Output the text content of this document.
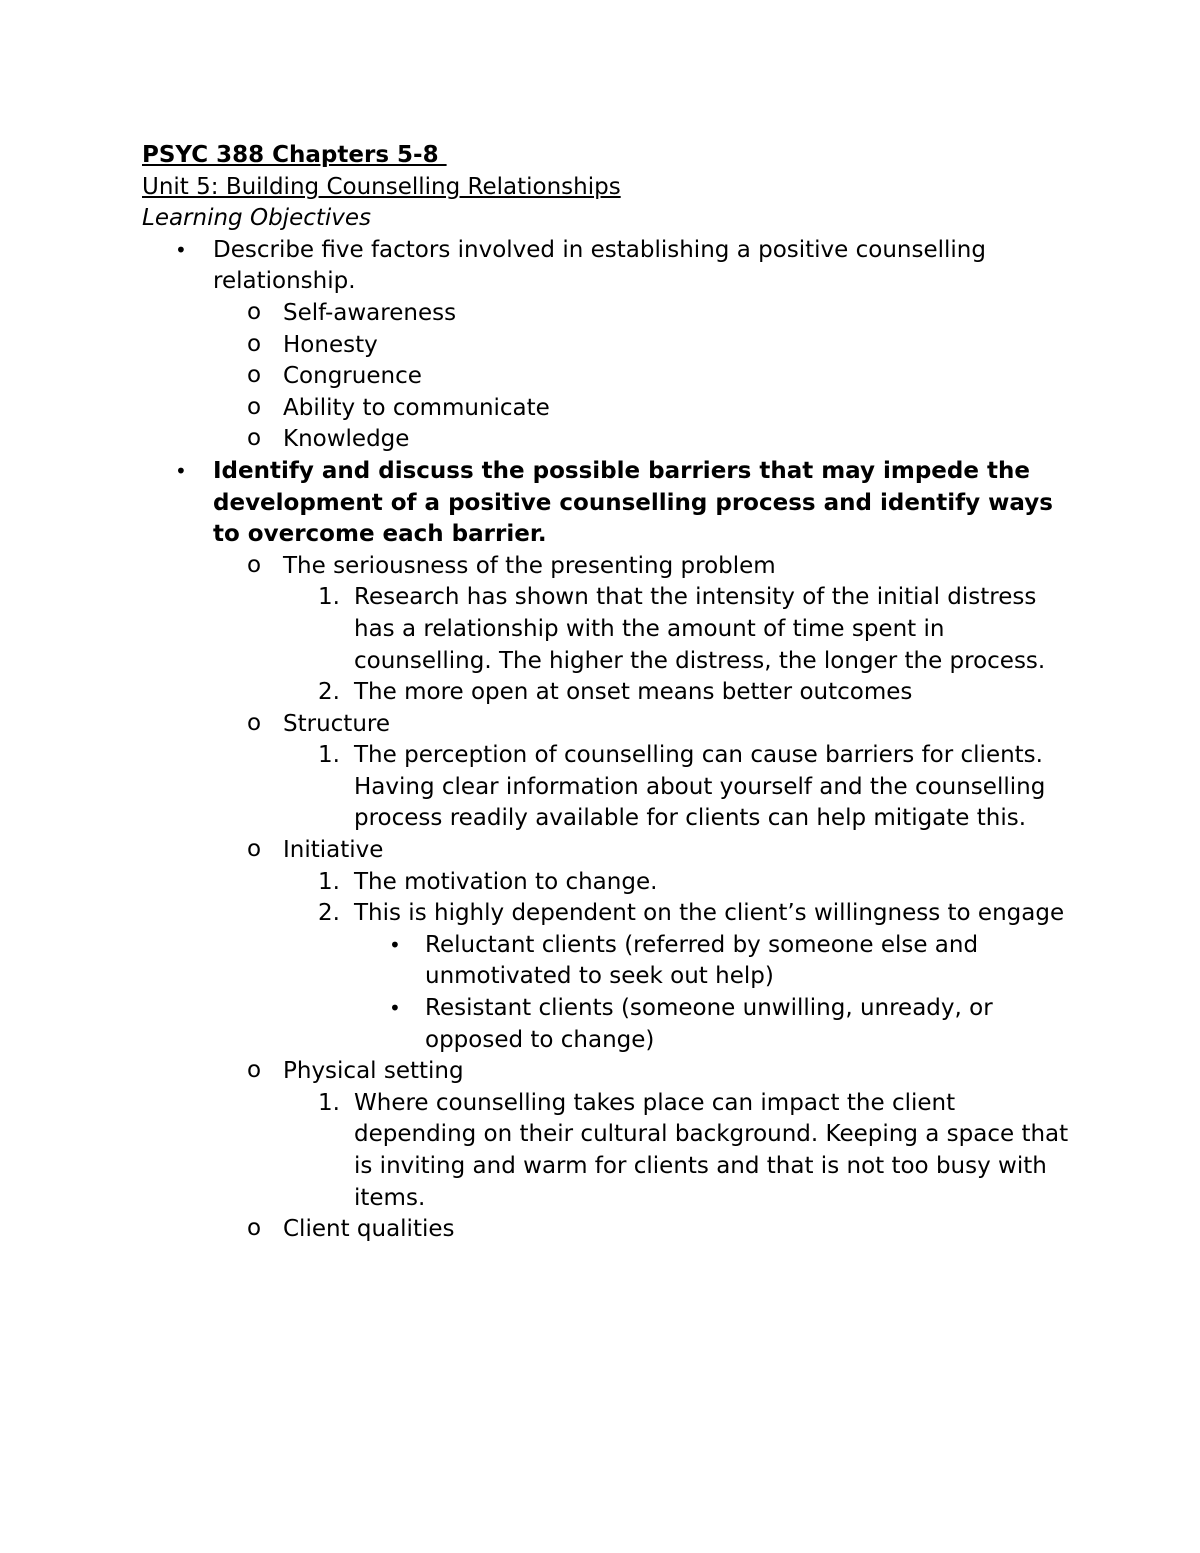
PSYC 388 Chapters 5-8
Unit 5: Building Counselling Relationships
Learning Objectives
• Describe five factors involved in establishing a positive counselling relationship.
o Self-awareness
o Honesty
o Congruence
o Ability to communicate
o Knowledge
• Identify and discuss the possible barriers that may impede the development of a positive counselling process and identify ways to overcome each barrier.
o The seriousness of the presenting problem
1. Research has shown that the intensity of the initial distress has a relationship with the amount of time spent in counselling. The higher the distress, the longer the process.
2. The more open at onset means better outcomes
o Structure
1. The perception of counselling can cause barriers for clients. Having clear information about yourself and the counselling process readily available for clients can help mitigate this.
o Initiative
1. The motivation to change.
2. This is highly dependent on the client’s willingness to engage
• Reluctant clients (referred by someone else and unmotivated to seek out help)
• Resistant clients (someone unwilling, unready, or opposed to change)
o Physical setting
1. Where counselling takes place can impact the client depending on their cultural background. Keeping a space that is inviting and warm for clients and that is not too busy with items.
o Client qualities
